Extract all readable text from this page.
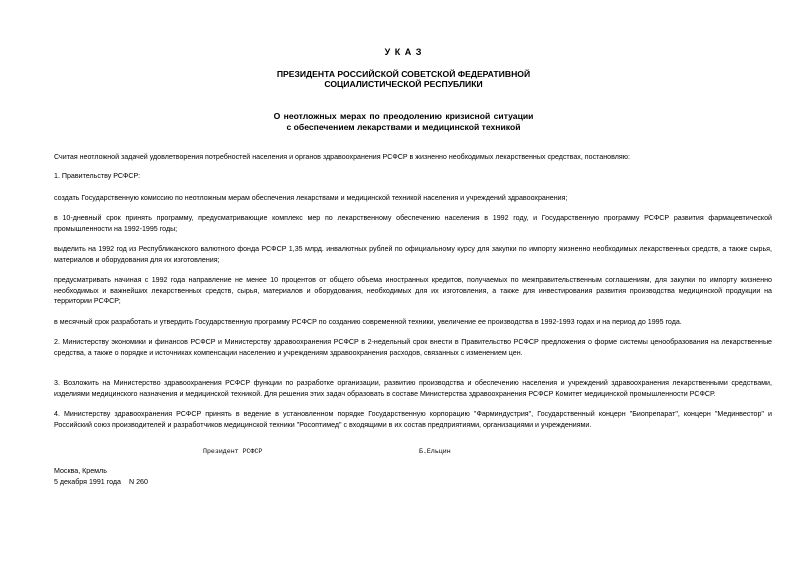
У К А З
ПРЕЗИДЕНТА РОССИЙСКОЙ СОВЕТСКОЙ ФЕДЕРАТИВНОЙ
СОЦИАЛИСТИЧЕСКОЙ РЕСПУБЛИКИ
О неотложных мерах по преодолению кризисной ситуации
с обеспечением лекарствами и медицинской техникой

Считая неотложной задачей удовлетворения потребностей населения и органов здравоохранения РСФСР в жизненно необходимых лекарственных средствах, постановляю:

1. Правительству РСФСР:

создать Государственную комиссию по неотложным мерам обеспечения лекарствами и медицинской техникой населения и учреждений здравоохранения;

в 10-дневный срок принять программу, предусматривающие комплекс мер по лекарственному обеспечению населения в 1992 году, и Государственную программу РСФСР развития фармацевтической промышленности на 1992-1995 годы;

выделить на 1992 год из Республиканского валютного фонда РСФСР 1,35 млрд. инвалютных рублей по официальному курсу для закупки по импорту жизненно необходимых лекарственных средств, а также сырья, материалов и оборудования для их изготовления;

предусматривать начиная с 1992 года направление не менее 10 процентов от общего объема иностранных кредитов, получаемых по межправительственным соглашениям, для закупки по импорту жизненно необходимых и важнейших лекарственных средств, сырья, материалов и оборудования, необходимых для их изготовления, а также для инвестирования развития производства медицинской продукции на территории РСФСР;

в месячный срок разработать и утвердить Государственную программу РСФСР по созданию современной техники, увеличение ее производства в 1992-1993 годах и на период до 1995 года.

2. Министерству экономики и финансов РСФСР и Министерству здравоохранения РСФСР в 2-недельный срок внести в Правительство РСФСР предложения о форме системы ценообразования на лекарственные средства, а также о порядке и источниках компенсации населению и учреждениям здравоохранения расходов, связанных с изменением цен.

3. Возложить на Министерство здравоохранения РСФСР функции по разработке организации, развитию производства и обеспечению населения и учреждений здравоохранения лекарственными средствами, изделиями медицинского назначения и медицинской техникой. Для решения этих задач образовать в составе Министерства здравоохранения РСФСР Комитет медицинской промышленности РСФСР.

4. Министерству здравоохранения РСФСР принять в ведение в установленном порядке Государственную корпорацию "Фарминдустрия", Государственный концерн "Биопрепарат", концерн "Мединвестор" и Российский союз производителей и разработчиков медицинской техники "Росоптимед" с входящими в их состав предприятиями, организациями и учреждениями.

Президент РСФСР	Б.Ельцин
Москва, Кремль
5 декабря 1991 года N 260
